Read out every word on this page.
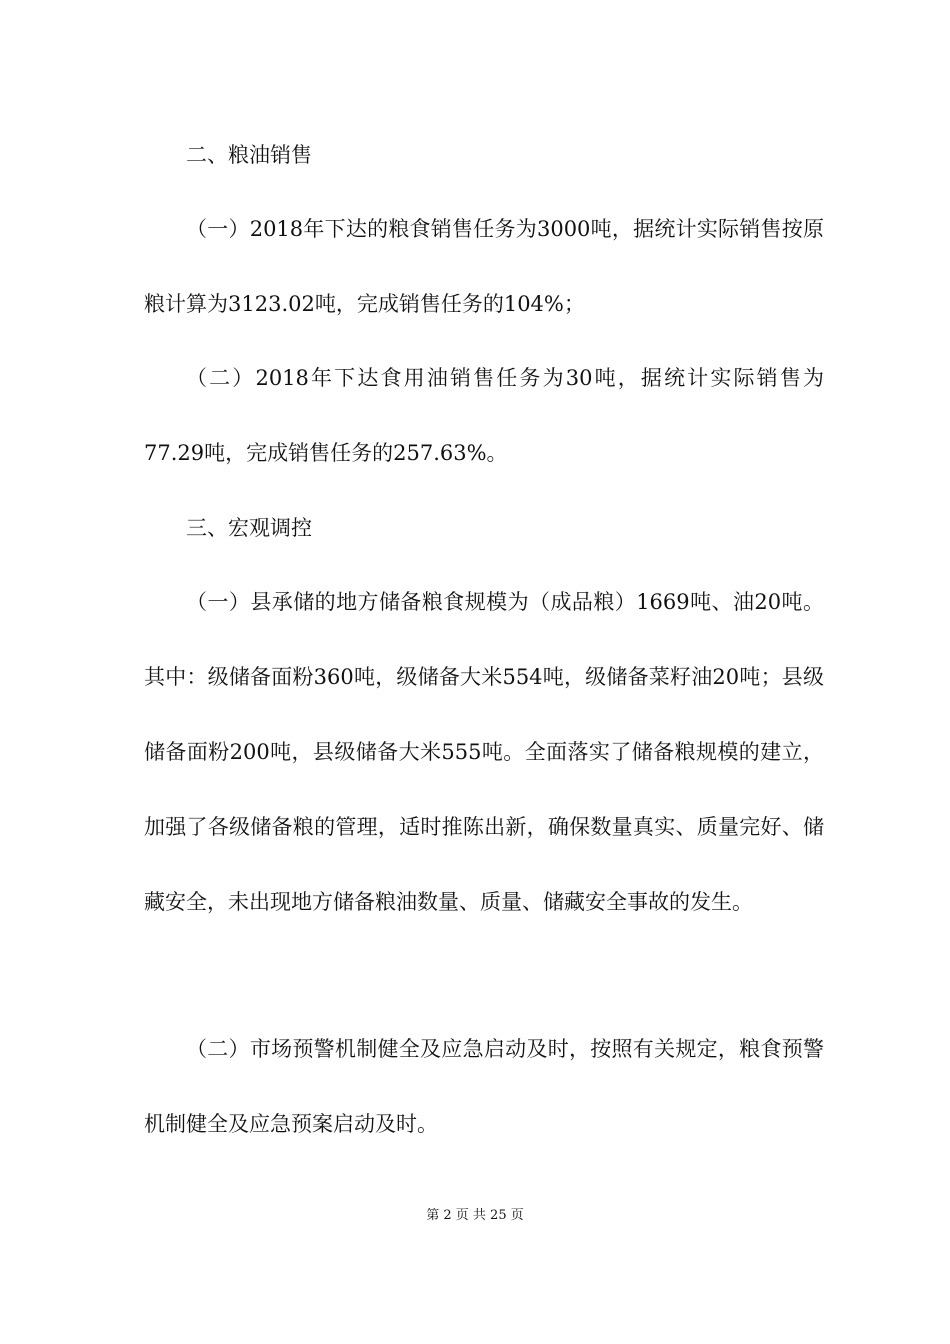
二、粮油销售

（一）2018年下达的粮食销售任务为3000吨，据统计实际销售按原粮计算为3123.02吨，完成销售任务的104%；

（二）2018年下达食用油销售任务为30吨，据统计实际销售为77.29吨，完成销售任务的257.63%。

三、宏观调控

（一）县承储的地方储备粮食规模为（成品粮）1669吨、油20吨。其中：级储备面粉360吨，级储备大米554吨，级储备菜籽油20吨；县级储备面粉200吨，县级储备大米555吨。全面落实了储备粮规模的建立，加强了各级储备粮的管理，适时推陈出新，确保数量真实、质量完好、储藏安全，未出现地方储备粮油数量、质量、储藏安全事故的发生。

（二）市场预警机制健全及应急启动及时，按照有关规定，粮食预警机制健全及应急预案启动及时。

第 2 页 共 25 页
